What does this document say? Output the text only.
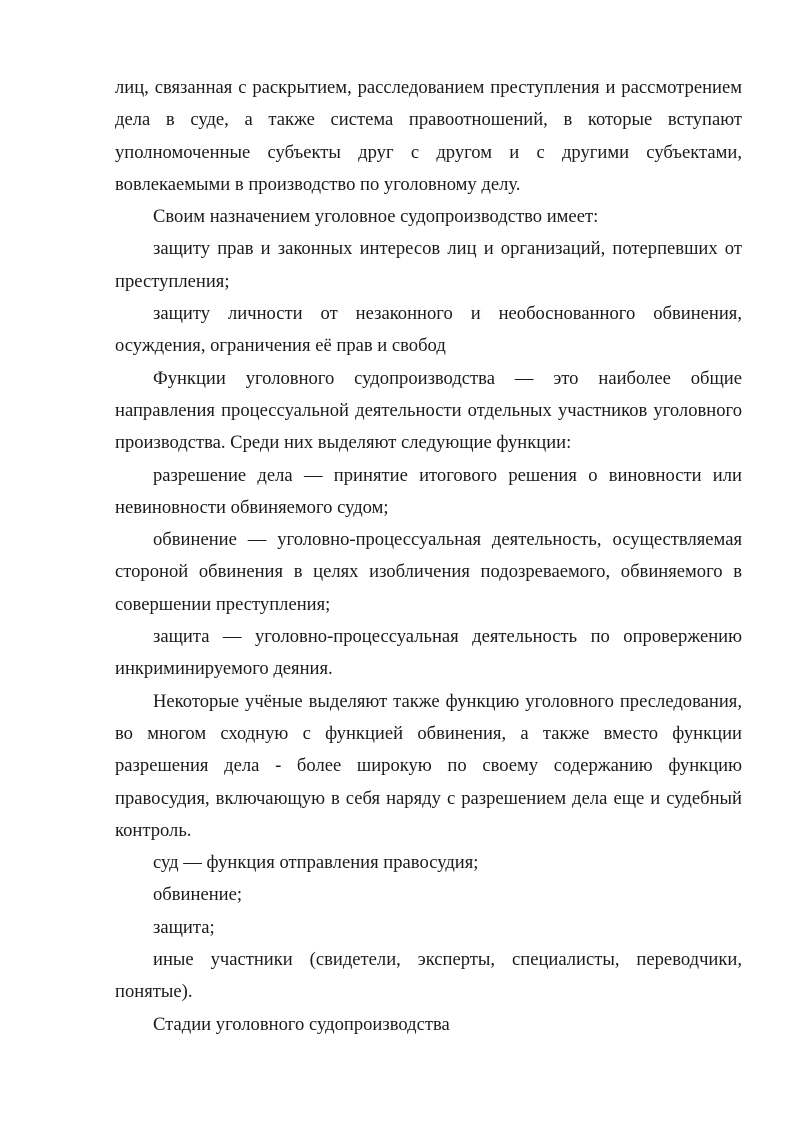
лиц, связанная с раскрытием, расследованием преступления и рассмотрением дела в суде, а также система правоотношений, в которые вступают уполномоченные субъекты друг с другом и с другими субъектами, вовлекаемыми в производство по уголовному делу.

Своим назначением уголовное судопроизводство имеет:

защиту прав и законных интересов лиц и организаций, потерпевших от преступления;

защиту личности от незаконного и необоснованного обвинения, осуждения, ограничения её прав и свобод

Функции уголовного судопроизводства — это наиболее общие направления процессуальной деятельности отдельных участников уголовного производства. Среди них выделяют следующие функции:

разрешение дела — принятие итогового решения о виновности или невиновности обвиняемого судом;

обвинение — уголовно-процессуальная деятельность, осуществляемая стороной обвинения в целях изобличения подозреваемого, обвиняемого в совершении преступления;

защита — уголовно-процессуальная деятельность по опровержению инкриминируемого деяния.

Некоторые учёные выделяют также функцию уголовного преследования, во многом сходную с функцией обвинения, а также вместо функции разрешения дела - более широкую по своему содержанию функцию правосудия, включающую в себя наряду с разрешением дела еще и судебный контроль.

суд — функция отправления правосудия;

обвинение;

защита;

иные участники (свидетели, эксперты, специалисты, переводчики, понятые).

Стадии уголовного судопроизводства
